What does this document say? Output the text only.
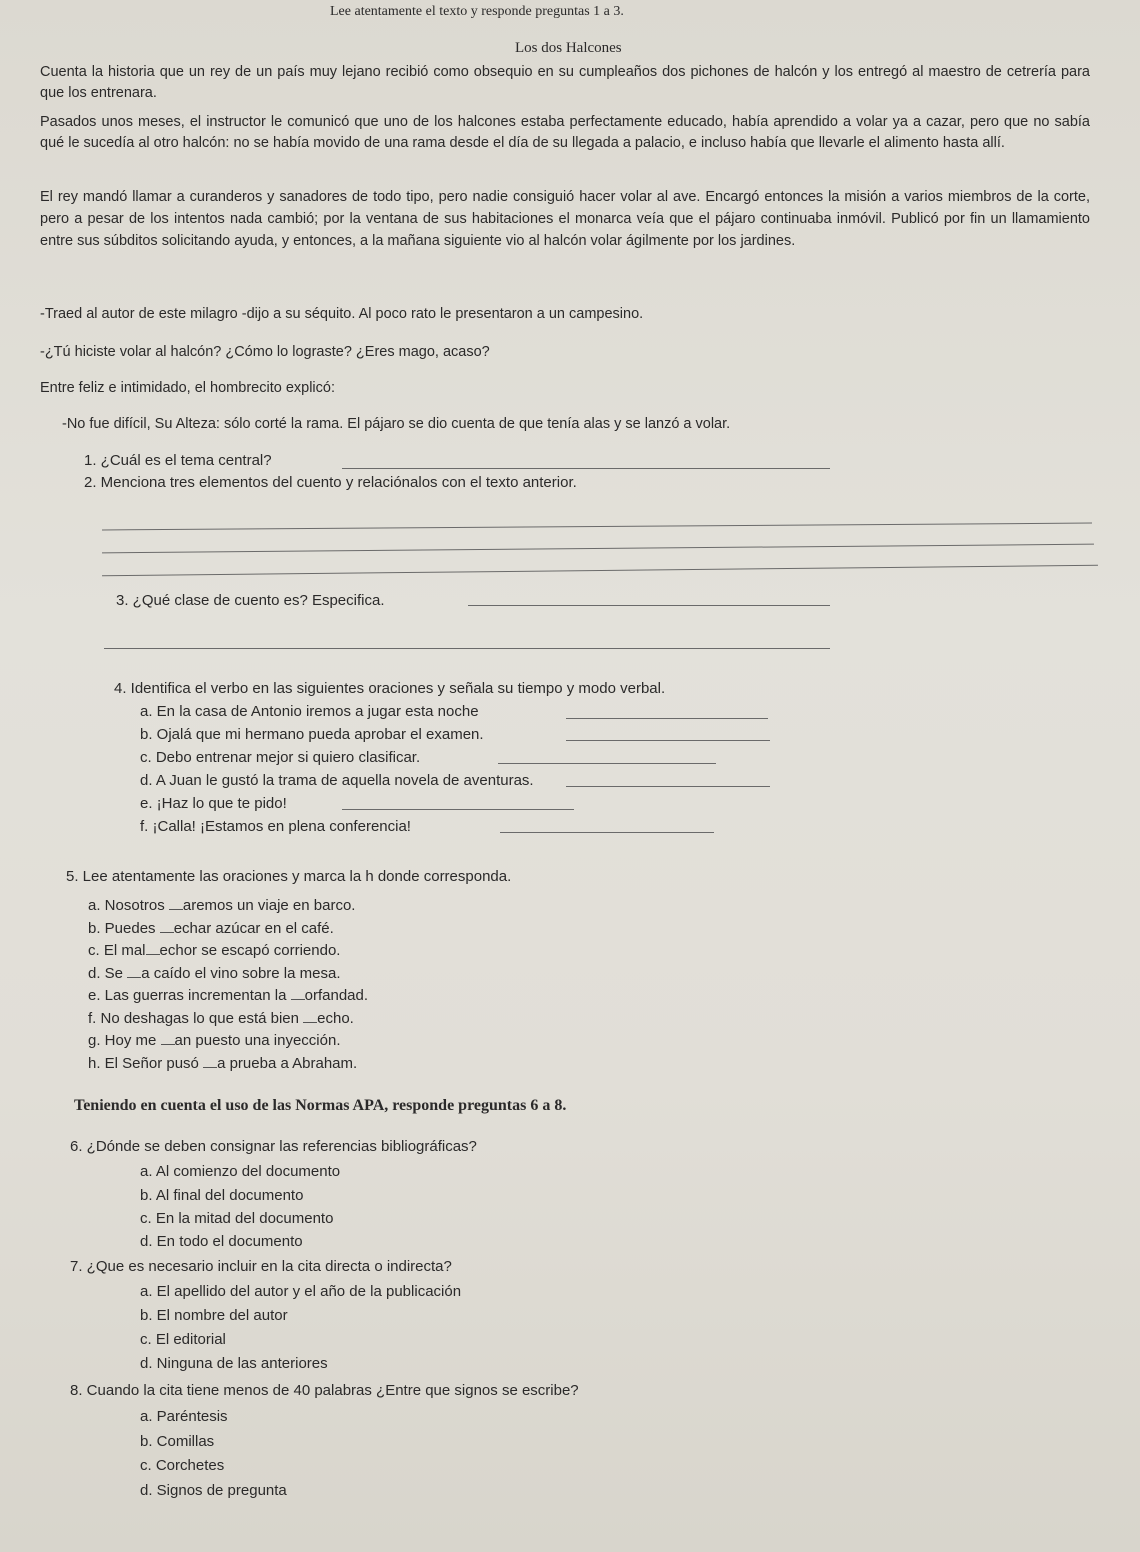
Lee atentamente el texto y responde preguntas 1 a 3.
Los dos Halcones
Cuenta la historia que un rey de un país muy lejano recibió como obsequio en su cumpleaños dos pichones de halcón y los entregó al maestro de cetrería para que los entrenara.
Pasados unos meses, el instructor le comunicó que uno de los halcones estaba perfectamente educado, había aprendido a volar ya a cazar, pero que no sabía qué le sucedía al otro halcón: no se había movido de una rama desde el día de su llegada a palacio, e incluso había que llevarle el alimento hasta allí.
El rey mandó llamar a curanderos y sanadores de todo tipo, pero nadie consiguió hacer volar al ave. Encargó entonces la misión a varios miembros de la corte, pero a pesar de los intentos nada cambió; por la ventana de sus habitaciones el monarca veía que el pájaro continuaba inmóvil. Publicó por fin un llamamiento entre sus súbditos solicitando ayuda, y entonces, a la mañana siguiente vio al halcón volar ágilmente por los jardines.
-Traed al autor de este milagro -dijo a su séquito. Al poco rato le presentaron a un campesino.
-¿Tú hiciste volar al halcón? ¿Cómo lo lograste? ¿Eres mago, acaso?
Entre feliz e intimidado, el hombrecito explicó:
-No fue difícil, Su Alteza: sólo corté la rama. El pájaro se dio cuenta de que tenía alas y se lanzó a volar.
1. ¿Cuál es el tema central?
2. Menciona tres elementos del cuento y relaciónalos con el texto anterior.
3. ¿Qué clase de cuento es? Especifica.
4. Identifica el verbo en las siguientes oraciones y señala su tiempo y modo verbal.
a. En la casa de Antonio iremos a jugar esta noche
b. Ojalá que mi hermano pueda aprobar el examen.
c. Debo entrenar mejor si quiero clasificar.
d. A Juan le gustó la trama de aquella novela de aventuras.
e. ¡Haz lo que te pido!
f. ¡Calla! ¡Estamos en plena conferencia!
5. Lee atentamente las oraciones y marca la h donde corresponda.
a. Nosotros aremos un viaje en barco.
b. Puedes echar azúcar en el café.
c. El mal echor se escapó corriendo.
d. Se a caído el vino sobre la mesa.
e. Las guerras incrementan la orfandad.
f. No deshagas lo que está bien echo.
g. Hoy me an puesto una inyección.
h. El Señor pusó a prueba a Abraham.
Teniendo en cuenta el uso de las Normas APA, responde preguntas 6 a 8.
6. ¿Dónde se deben consignar las referencias bibliográficas?
a. Al comienzo del documento
b. Al final del documento
c. En la mitad del documento
d. En todo el documento
7. ¿Que es necesario incluir en la cita directa o indirecta?
a. El apellido del autor y el año de la publicación
b. El nombre del autor
c. El editorial
d. Ninguna de las anteriores
8. Cuando la cita tiene menos de 40 palabras ¿Entre que signos se escribe?
a. Paréntesis
b. Comillas
c. Corchetes
d. Signos de pregunta
